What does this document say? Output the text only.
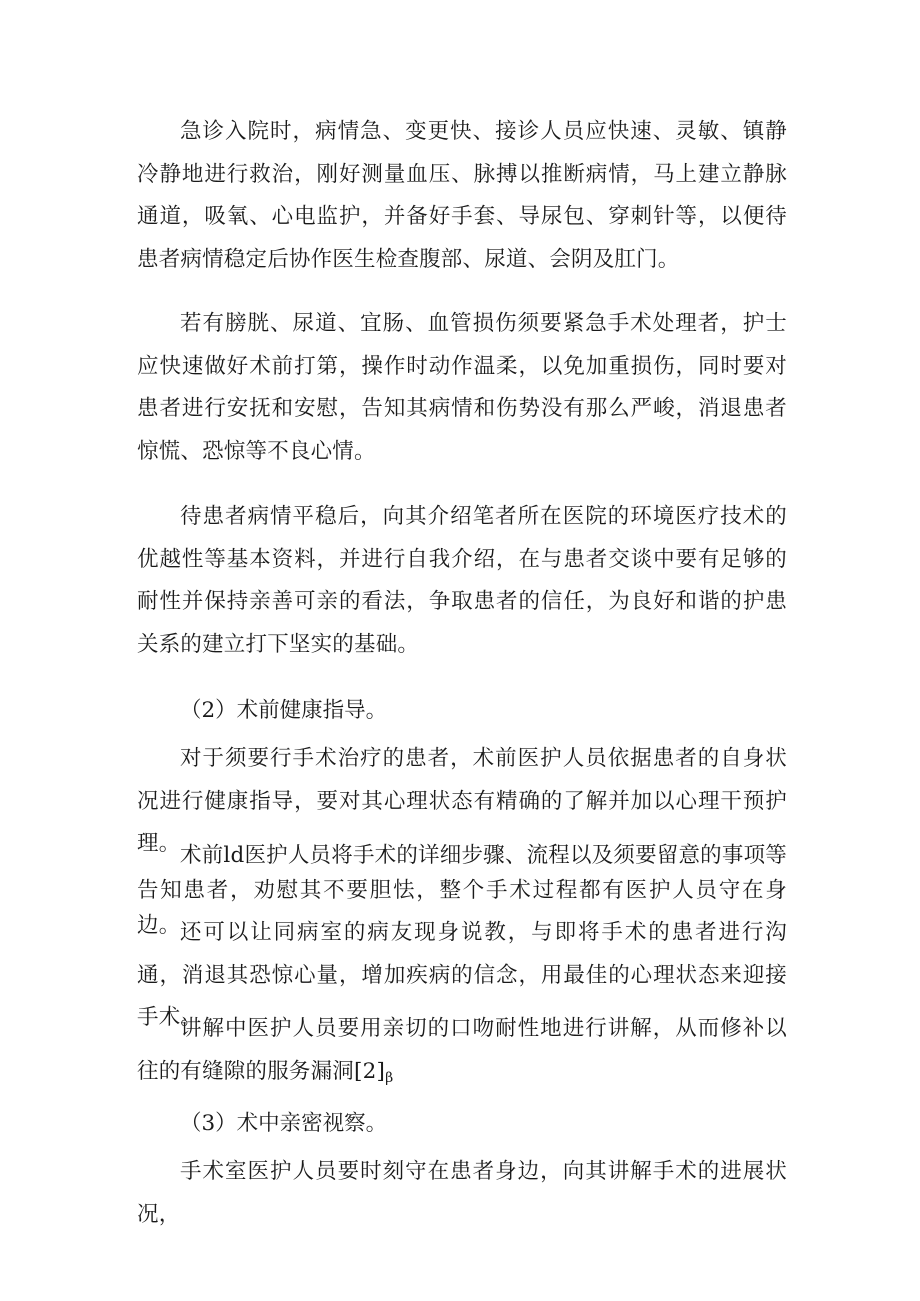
急诊入院时，病情急、变更快、接诊人员应快速、灵敏、镇静冷静地进行救治，刚好测量血压、脉搏以推断病情，马上建立静脉通道，吸氧、心电监护，并备好手套、导尿包、穿刺针等，以便待患者病情稳定后协作医生检查腹部、尿道、会阴及肛门。

若有膀胱、尿道、宜肠、血管损伤须要紧急手术处理者，护士应快速做好术前打第，操作时动作温柔，以免加重损伤，同时要对患者进行安抚和安慰，告知其病情和伤势没有那么严峻，消退患者惊慌、恐惊等不良心情。

待患者病情平稳后，向其介绍笔者所在医院的环境医疗技术的优越性等基本资料，并进行自我介绍，在与患者交谈中要有足够的耐性并保持亲善可亲的看法，争取患者的信任，为良好和谐的护患关系的建立打下坚实的基础。

（2）术前健康指导。

对于须要行手术治疗的患者，术前医护人员依据患者的自身状况进行健康指导，要对其心理状态有精确的了解并加以心理干预护理。 术前ld医护人员将手术的详细步骤、流程以及须要留意的事项等告知患者，劝慰其不要胆怯，整个手术过程都有医护人员守在身边。 还可以让同病室的病友现身说教，与即将手术的患者进行沟通，消退其恐惊心量，增加疾病的信念，用最佳的心理状态来迎接手术。

讲解中医护人员要用亲切的口吻耐性地进行讲解，从而修补以往的有缝隙的服务漏洞$[2]_\beta$

（3）术中亲密视察。

手术室医护人员要时刻守在患者身边，向其讲解手术的进展状况，
